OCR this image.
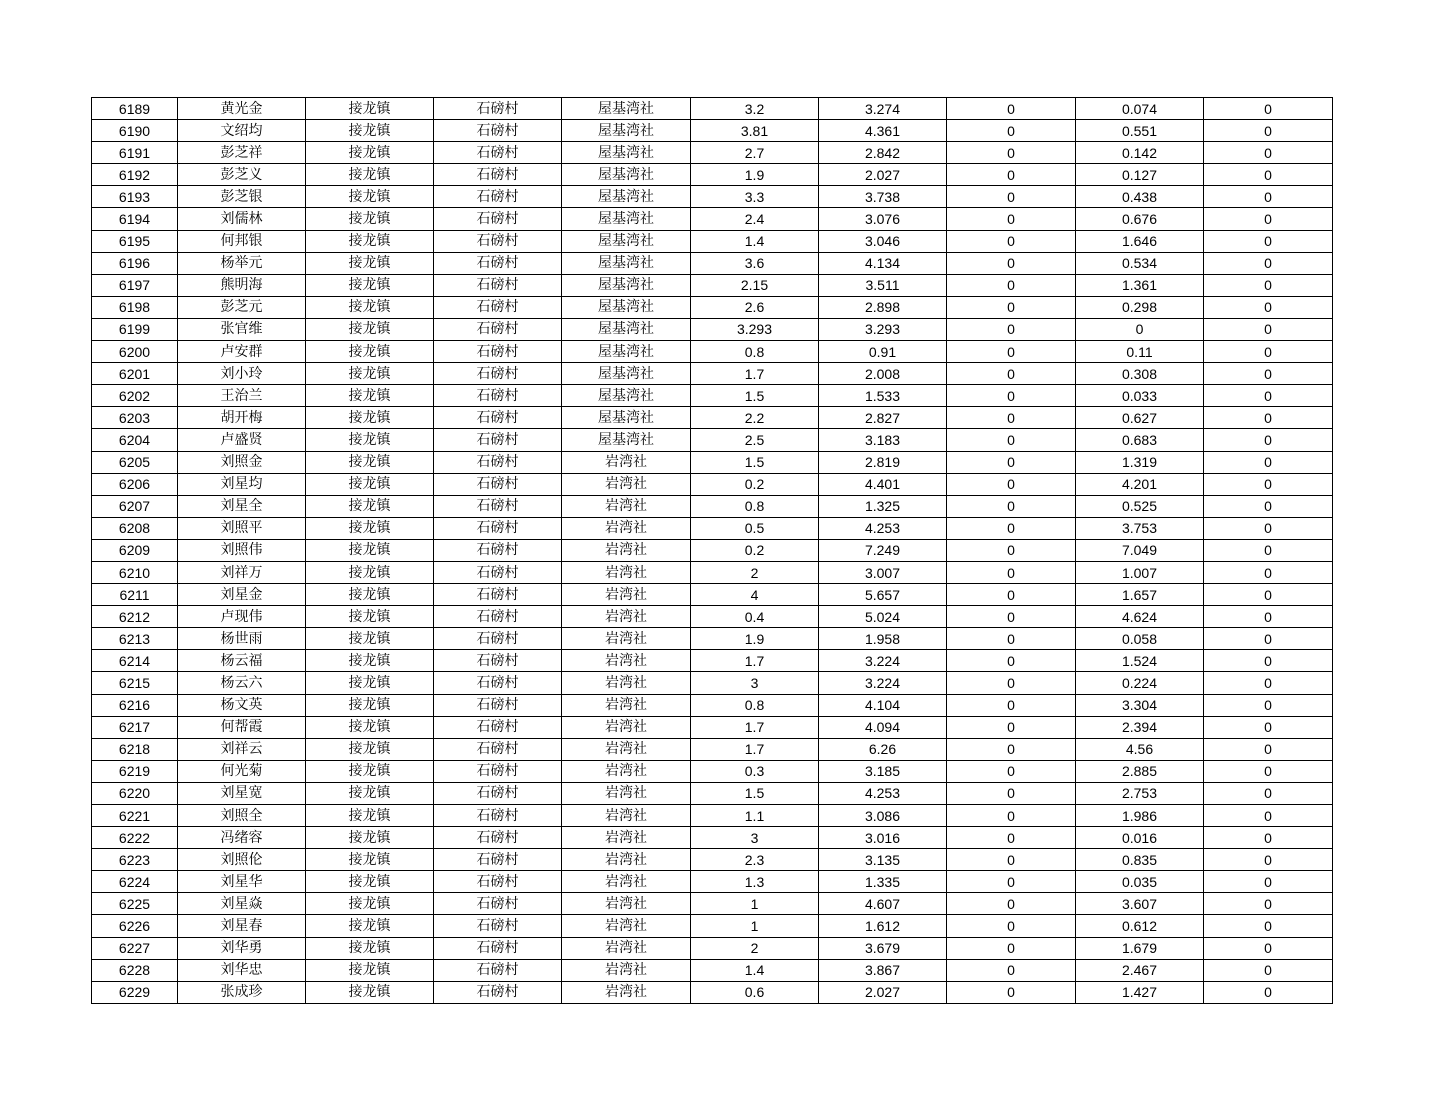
6189	黄光金	接龙镇	石磅村	屋基湾社	3.2	3.274	0	0.074	0
6190	文绍均	接龙镇	石磅村	屋基湾社	3.81	4.361	0	0.551	0
6191	彭芝祥	接龙镇	石磅村	屋基湾社	2.7	2.842	0	0.142	0
6192	彭芝义	接龙镇	石磅村	屋基湾社	1.9	2.027	0	0.127	0
6193	彭芝银	接龙镇	石磅村	屋基湾社	3.3	3.738	0	0.438	0
6194	刘儒林	接龙镇	石磅村	屋基湾社	2.4	3.076	0	0.676	0
6195	何邦银	接龙镇	石磅村	屋基湾社	1.4	3.046	0	1.646	0
6196	杨举元	接龙镇	石磅村	屋基湾社	3.6	4.134	0	0.534	0
6197	熊明海	接龙镇	石磅村	屋基湾社	2.15	3.511	0	1.361	0
6198	彭芝元	接龙镇	石磅村	屋基湾社	2.6	2.898	0	0.298	0
6199	张官维	接龙镇	石磅村	屋基湾社	3.293	3.293	0	0	0
6200	卢安群	接龙镇	石磅村	屋基湾社	0.8	0.91	0	0.11	0
6201	刘小玲	接龙镇	石磅村	屋基湾社	1.7	2.008	0	0.308	0
6202	王治兰	接龙镇	石磅村	屋基湾社	1.5	1.533	0	0.033	0
6203	胡开梅	接龙镇	石磅村	屋基湾社	2.2	2.827	0	0.627	0
6204	卢盛贤	接龙镇	石磅村	屋基湾社	2.5	3.183	0	0.683	0
6205	刘照金	接龙镇	石磅村	岩湾社	1.5	2.819	0	1.319	0
6206	刘星均	接龙镇	石磅村	岩湾社	0.2	4.401	0	4.201	0
6207	刘星全	接龙镇	石磅村	岩湾社	0.8	1.325	0	0.525	0
6208	刘照平	接龙镇	石磅村	岩湾社	0.5	4.253	0	3.753	0
6209	刘照伟	接龙镇	石磅村	岩湾社	0.2	7.249	0	7.049	0
6210	刘祥万	接龙镇	石磅村	岩湾社	2	3.007	0	1.007	0
6211	刘星金	接龙镇	石磅村	岩湾社	4	5.657	0	1.657	0
6212	卢现伟	接龙镇	石磅村	岩湾社	0.4	5.024	0	4.624	0
6213	杨世雨	接龙镇	石磅村	岩湾社	1.9	1.958	0	0.058	0
6214	杨云福	接龙镇	石磅村	岩湾社	1.7	3.224	0	1.524	0
6215	杨云六	接龙镇	石磅村	岩湾社	3	3.224	0	0.224	0
6216	杨文英	接龙镇	石磅村	岩湾社	0.8	4.104	0	3.304	0
6217	何帮霞	接龙镇	石磅村	岩湾社	1.7	4.094	0	2.394	0
6218	刘祥云	接龙镇	石磅村	岩湾社	1.7	6.26	0	4.56	0
6219	何光菊	接龙镇	石磅村	岩湾社	0.3	3.185	0	2.885	0
6220	刘星宽	接龙镇	石磅村	岩湾社	1.5	4.253	0	2.753	0
6221	刘照全	接龙镇	石磅村	岩湾社	1.1	3.086	0	1.986	0
6222	冯绪容	接龙镇	石磅村	岩湾社	3	3.016	0	0.016	0
6223	刘照伦	接龙镇	石磅村	岩湾社	2.3	3.135	0	0.835	0
6224	刘星华	接龙镇	石磅村	岩湾社	1.3	1.335	0	0.035	0
6225	刘星焱	接龙镇	石磅村	岩湾社	1	4.607	0	3.607	0
6226	刘星春	接龙镇	石磅村	岩湾社	1	1.612	0	0.612	0
6227	刘华勇	接龙镇	石磅村	岩湾社	2	3.679	0	1.679	0
6228	刘华忠	接龙镇	石磅村	岩湾社	1.4	3.867	0	2.467	0
6229	张成珍	接龙镇	石磅村	岩湾社	0.6	2.027	0	1.427	0
